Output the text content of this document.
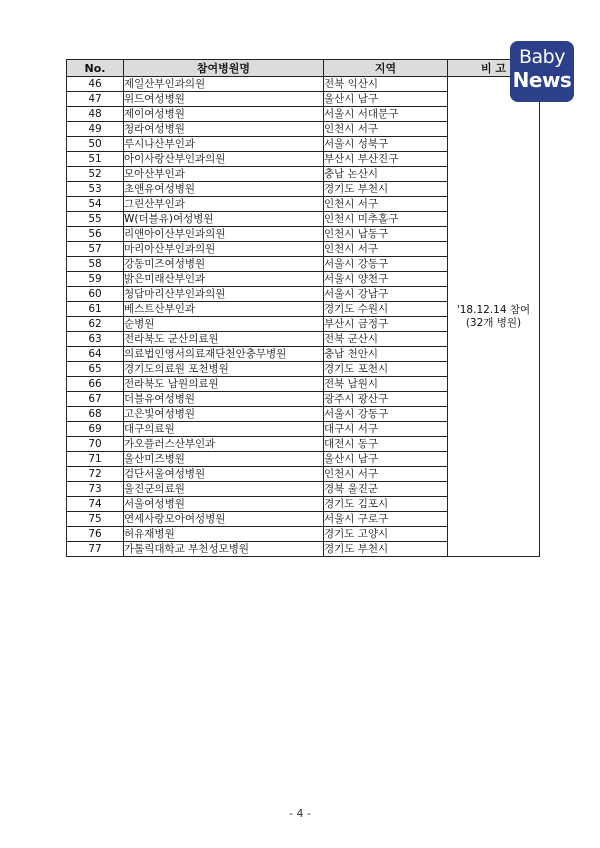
No.	참여병원명	지역	비 고
46	제일산부인과의원	전북 익산시	'18.12.14 참여
(32개 병원)

47	위드여성병원	울산시 남구	
48	제이여성병원	서울시 서대문구	
49	청라여성병원	인천시 서구	
50	루시나산부인과	서울시 성북구	
51	아이사랑산부인과의원	부산시 부산진구	
52	모아산부인과	충남 논산시	
53	초앤유여성병원	경기도 부천시	
54	그린산부인과	인천시 서구	
55	W(더블유)여성병원	인천시 미추홀구	
56	리앤아이산부인과의원	인천시 남동구	
57	마리아산부인과의원	인천시 서구	
58	강동미즈여성병원	서울시 강동구	
59	밝은미래산부인과	서울시 양천구	
60	청담마리산부인과의원	서울시 강남구	
61	베스트산부인과	경기도 수원시	
62	순병원	부산시 금정구	
63	전라북도 군산의료원	전북 군산시	
64	의료법인영서의료재단천안충무병원	충남 천안시	
65	경기도의료원 포천병원	경기도 포천시	
66	전라북도 남원의료원	전북 남원시	
67	더블유여성병원	광주시 광산구	
68	고은빛여성병원	서울시 강동구	
69	대구의료원	대구시 서구	
70	가오플러스산부인과	대전시 동구	
71	울산미즈병원	울산시 남구	
72	검단서울여성병원	인천시 서구	
73	울진군의료원	경북 울진군	
74	서울여성병원	경기도 김포시	
75	연세사랑모아여성병원	서울시 구로구	
76	허유재병원	경기도 고양시	
77	가톨릭대학교 부천성모병원	경기도 부천시	
Baby
News
- 4 -
